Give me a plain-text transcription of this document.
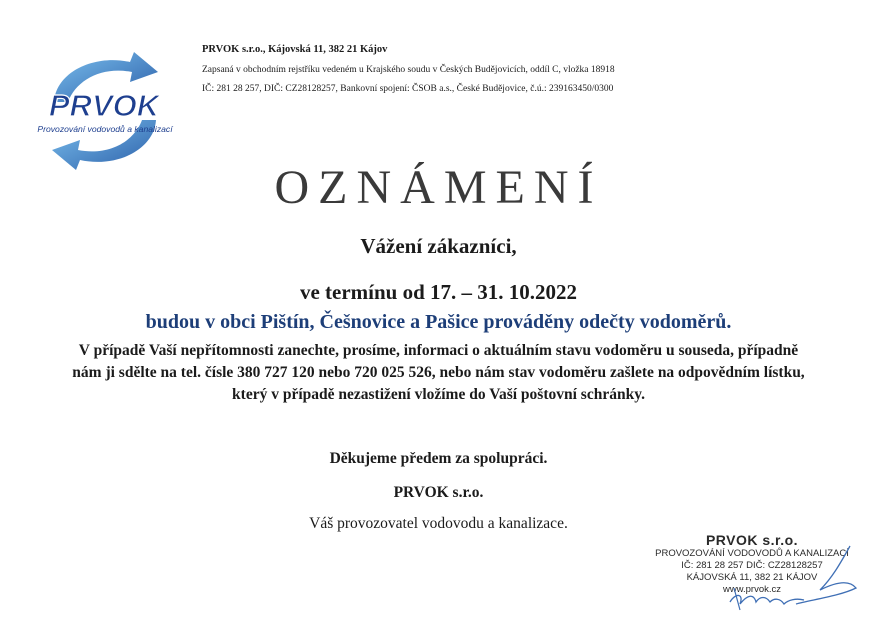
PRVOK
Provozování vodovodů a kanalizací
PRVOK s.r.o., Kájovská 11, 382 21 Kájov
Zapsaná v obchodním rejstříku vedeném u Krajského soudu v Českých Budějovicích, oddíl C, vložka 18918
IČ: 281 28 257, DIČ: CZ28128257, Bankovní spojení: ČSOB a.s., České Budějovice, č.ú.: 239163450/0300
OZNÁMENÍ
Vážení zákazníci,
ve termínu od 17. – 31. 10.2022
budou v obci Pištín, Češnovice a Pašice prováděny odečty vodoměrů.
V případě Vaší nepřítomnosti zanechte, prosíme, informaci o aktuálním stavu vodoměru u souseda, případně
nám ji sdělte na tel. čísle 380 727 120 nebo 720 025 526, nebo nám stav vodoměru zašlete na odpovědním lístku,
který v případě nezastižení vložíme do Vaší poštovní schránky.
Děkujeme předem za spolupráci.
PRVOK s.r.o.
Váš provozovatel vodovodu a kanalizace.
PRVOK s.r.o.
PROVOZOVÁNÍ VODOVODŮ A KANALIZACÍ
IČ: 281 28 257 DIČ: CZ28128257
KÁJOVSKÁ 11, 382 21 KÁJOV
www.prvok.cz
